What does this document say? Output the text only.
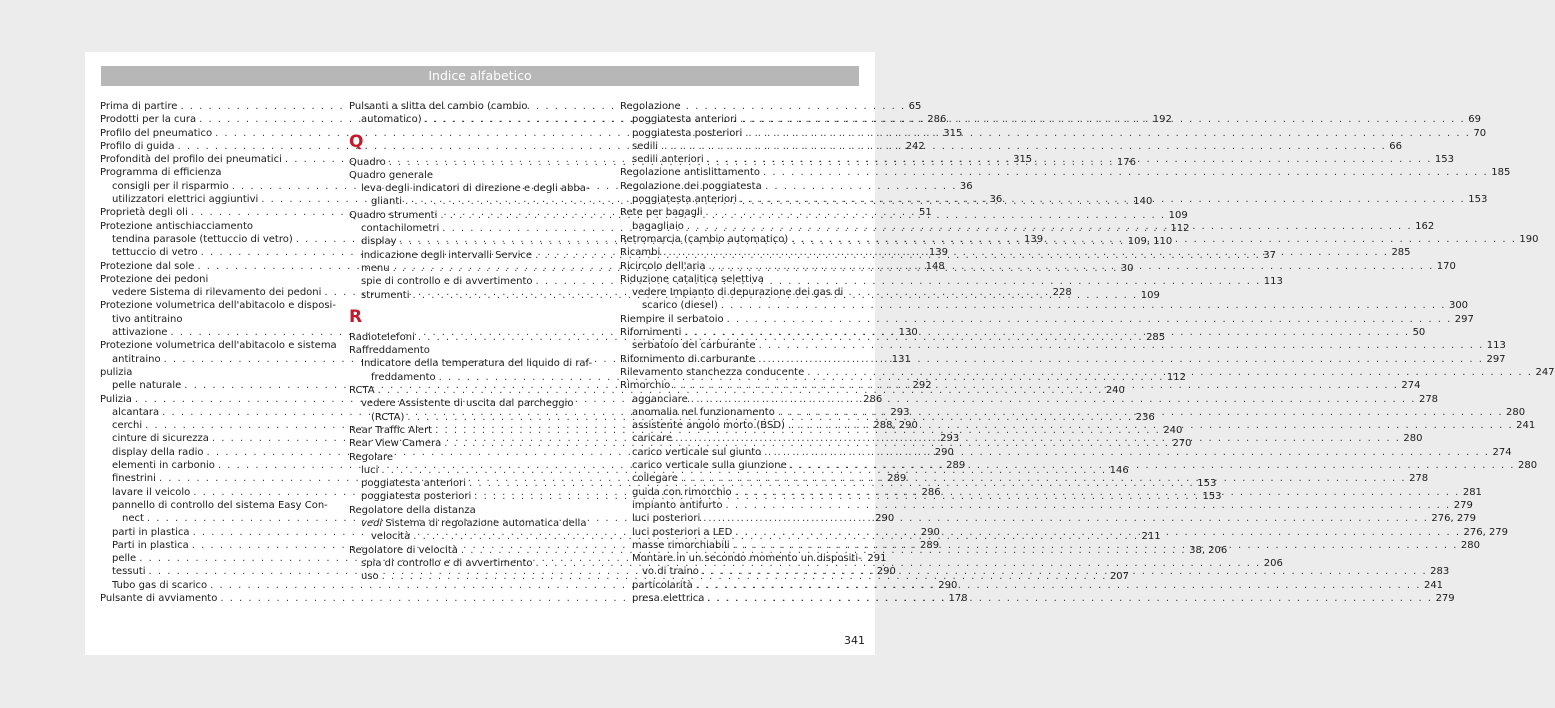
Indice alfabetico
Prima di partire . . .	65
Prodotti per la cura . . .	286
Profilo del pneumatico . . .	315
Profilo di guida . . .	242
Profondità del profilo dei pneumatici . . .	315
Programma di efficienza
consigli per il risparmio . . .	36
utilizzatori elettrici aggiuntivi . . .	36
Proprietà degli oli . . .	51
Protezione antischiacciamento
tendina parasole (tettuccio di vetro) . . .	139
tettuccio di vetro . . .	139
Protezione dal sole . . .	148
Protezione dei pedoni
vedere Sistema di rilevamento dei pedoni . . .	228
Protezione volumetrica dell'abitacolo e disposi-
tivo antitraino
attivazione . . .	130
Protezione volumetrica dell'abitacolo e sistema
antitraino . . .	131
pulizia
pelle naturale . . .	292
Pulizia . . .	286
alcantara . . .	293
cerchi . . .	288, 290
cinture di sicurezza . . .	293
display della radio . . .	290
elementi in carbonio . . .	289
finestrini . . .	289
lavare il veicolo . . .	286
pannello di controllo del sistema Easy Con-
nect . . .	290
parti in plastica . . .	290
Parti in plastica . . .	289
pelle . . .	291
tessuti . . .	290
Tubo gas di scarico . . .	290
Pulsante di avviamento . . .	178
Pulsanti a slitta del cambio (cambio
automatico) . . .	192
Q
Quadro . . .	176
Quadro generale
leva degli indicatori di direzione e degli abba-
glianti . . .	140
Quadro strumenti . . .	109
contachilometri . . .	112
display . . .	109, 110
indicazione degli intervalli Service . . .	37
menu . . .	30
spie di controllo e di avvertimento . . .	113
strumenti . . .	109
R
Radiotelefoni . . .	285
Raffreddamento
Indicatore della temperatura del liquido di raf-
freddamento . . .	112
RCTA . . .	240
vedere Assistente di uscita dal parcheggio
(RCTA) . . .	236
Rear Traffic Alert . . .	240
Rear View Camera . . .	270
Regolare
luci . . .	146
poggiatesta anteriori . . .	153
poggiatesta posteriori . . .	153
Regolatore della distanza
vedi Sistema di regolazione automatica della
velocità . . .	211
Regolatore di velocità . . .	38, 206
spia di controllo e di avvertimento . . .	206
uso . . .	207
Regolazione
poggiatesta anteriori . . .	69
poggiatesta posteriori . . .	70
sedili . . .	66
sedili anteriori . . .	153
Regolazione antislittamento . . .	185
Regolazione dei poggiatesta
poggiatesta anteriori . . .	153
Rete per bagagli
bagagliaio . . .	162
Retromarcia (cambio automatico) . . .	190
Ricambi . . .	285
Ricircolo dell'aria . . .	170
Riduzione catalitica selettiva
vedere Impianto di depurazione dei gas di
scarico (diesel) . . .	300
Riempire il serbatoio . . .	297
Rifornimenti . . .	50
serbatoio del carburante . . .	113
Rifornimento di carburante . . .	297
Rilevamento stanchezza conducente . . .	247
Rimorchio . . .	274
agganciare . . .	278
anomalia nel funzionamento . . .	280
assistente angolo morto (BSD) . . .	241
caricare . . .	280
carico verticale sul giunto . . .	274
carico verticale sulla giunzione . . .	280
collegare . . .	278
guida con rimorchio . . .	281
impianto antifurto . . .	279
luci posteriori . . .	276, 279
luci posteriori a LED . . .	276, 279
masse rimorchiabili . . .	280
Montare in un secondo momento un dispositi-
vo di traino . . .	283
particolarità . . .	241
presa elettrica . . .	279
341
